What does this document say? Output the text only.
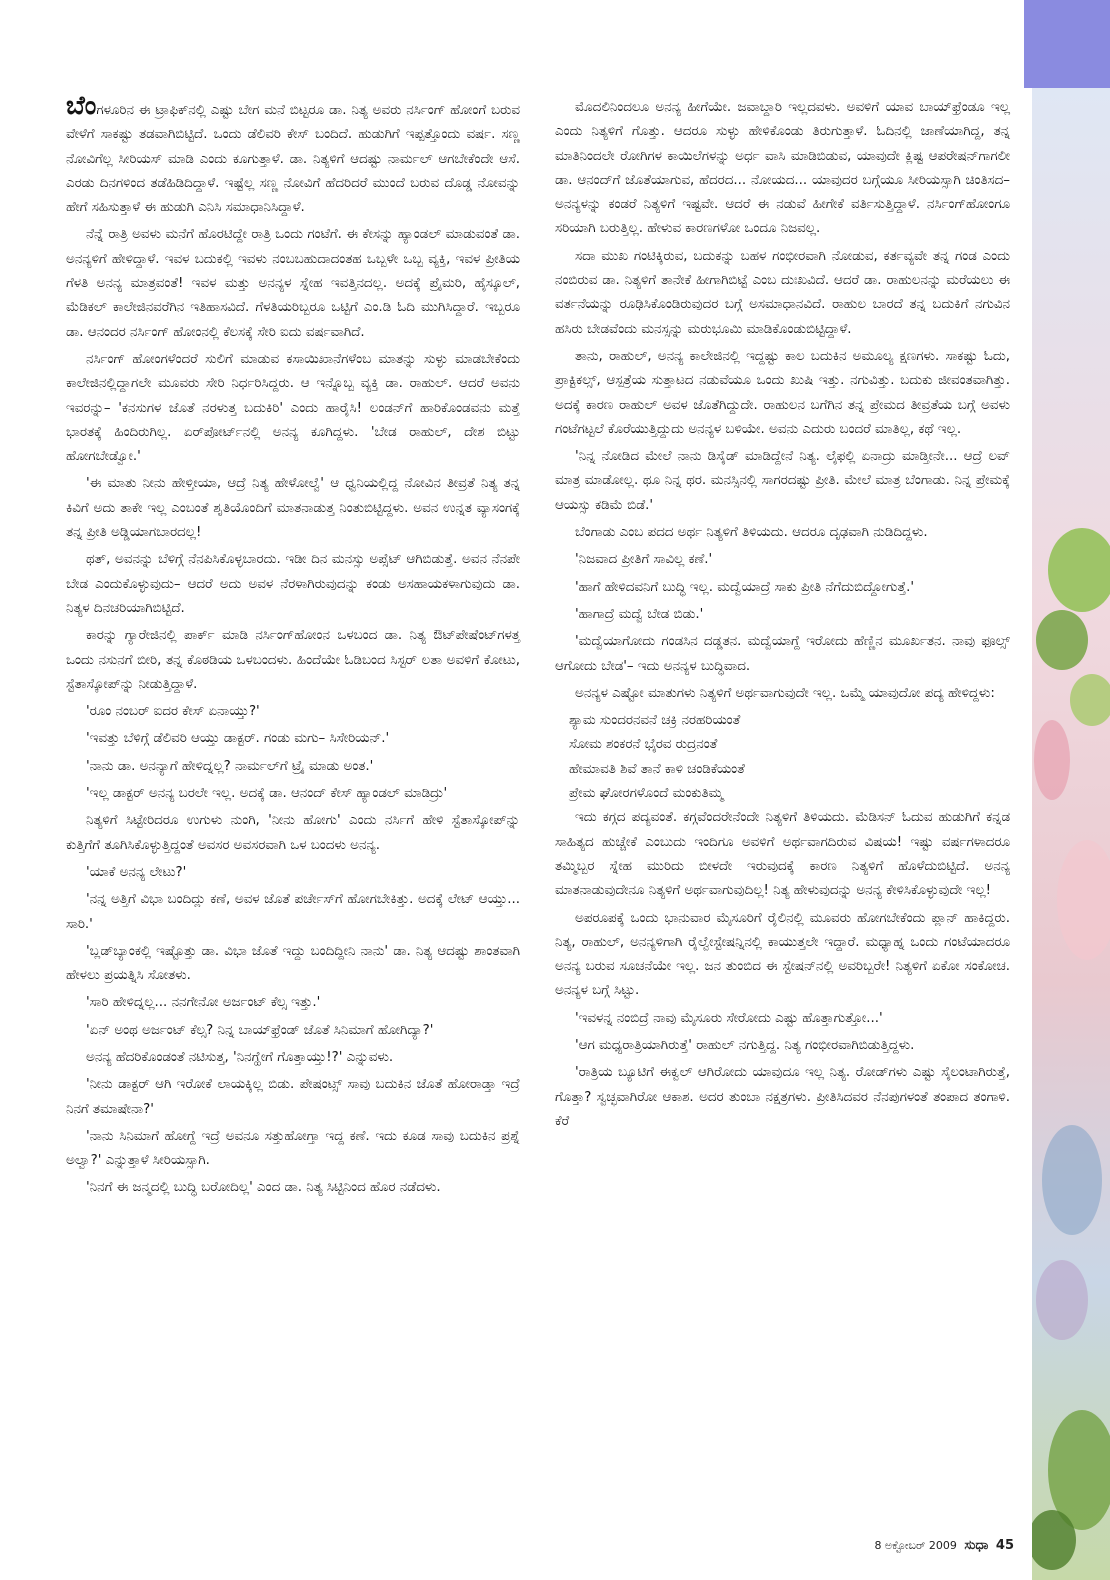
ಬೆಂಗಳೂರಿನ ಈ ಟ್ರಾಫಿಕ್‌ನಲ್ಲಿ ಎಷ್ಟು ಬೇಗ ಮನೆ ಬಿಟ್ಟರೂ ಡಾ. ನಿತ್ಯ ಅವರು ನರ್ಸಿಂಗ್ ಹೋಂಗೆ ಬರುವ ವೇಳೆಗೆ ಸಾಕಷ್ಟು ತಡವಾಗಿಬಿಟ್ಟಿದೆ. ಒಂದು ಡೆಲಿವರಿ ಕೇಸ್ ಬಂದಿದೆ. ಹುಡುಗಿಗೆ ಇಪ್ಪತ್ತೊಂದು ವರ್ಷ. ಸಣ್ಣ ನೋವಿಗೆಲ್ಲ ಸೀರಿಯಸ್ ಮಾಡಿ ಎಂದು ಕೂಗುತ್ತಾಳೆ. ಡಾ. ನಿತ್ಯಳಿಗೆ ಆದಷ್ಟು ನಾರ್ಮಲ್ ಆಗಬೇಕೆಂದೇ ಆಸೆ. ಎರಡು ದಿನಗಳಿಂದ ತಡೆಹಿಡಿದಿದ್ದಾಳೆ. ಇಷ್ಟೆಲ್ಲ ಸಣ್ಣ ನೋವಿಗೆ ಹೆದರಿದರೆ ಮುಂದೆ ಬರುವ ದೊಡ್ಡ ನೋವನ್ನು ಹೇಗೆ ಸಹಿಸುತ್ತಾಳೆ ಈ ಹುಡುಗಿ ಎನಿಸಿ ಸಮಾಧಾನಿಸಿದ್ದಾಳೆ.

ನೆನ್ನೆ ರಾತ್ರಿ ಅವಳು ಮನೆಗೆ ಹೊರಟಿದ್ದೇ ರಾತ್ರಿ ಒಂದು ಗಂಟೆಗೆ. ಈ ಕೇಸನ್ನು ಹ್ಯಾಂಡಲ್ ಮಾಡುವಂತೆ ಡಾ. ಅನನ್ಯಳಿಗೆ ಹೇಳಿದ್ದಾಳೆ. ಇವಳ ಬದುಕಲ್ಲಿ ಇವಳು ನಂಬಬಹುದಾದಂತಹ ಒಬ್ಬಳೇ ಒಬ್ಬ ವ್ಯಕ್ತಿ, ಇವಳ ಪ್ರೀತಿಯ ಗೆಳತಿ ಅನನ್ಯ ಮಾತ್ರವಂತೆ! ಇವಳ ಮತ್ತು ಅನನ್ಯಳ ಸ್ನೇಹ ಇವತ್ತಿನದಲ್ಲ. ಅದಕ್ಕೆ ಪ್ರೈಮರಿ, ಹೈಸ್ಕೂಲ್, ಮೆಡಿಕಲ್ ಕಾಲೇಜಿನವರೆಗಿನ ಇತಿಹಾಸವಿದೆ. ಗೆಳತಿಯರಿಬ್ಬರೂ ಒಟ್ಟಿಗೆ ಎಂ.ಡಿ ಓದಿ ಮುಗಿಸಿದ್ದಾರೆ. ಇಬ್ಬರೂ ಡಾ. ಆನಂದರ ನರ್ಸಿಂಗ್ ಹೋಂನಲ್ಲಿ ಕೆಲಸಕ್ಕೆ ಸೇರಿ ಐದು ವರ್ಷವಾಗಿದೆ.

ನರ್ಸಿಂಗ್ ಹೋಂಗಳೆಂದರೆ ಸುಲಿಗೆ ಮಾಡುವ ಕಸಾಯಿಖಾನೆಗಳೆಂಬ ಮಾತನ್ನು ಸುಳ್ಳು ಮಾಡಬೇಕೆಂದು ಕಾಲೇಜಿನಲ್ಲಿದ್ದಾಗಲೇ ಮೂವರು ಸೇರಿ ನಿರ್ಧರಿಸಿದ್ದರು. ಆ ಇನ್ನೊಬ್ಬ ವ್ಯಕ್ತಿ ಡಾ. ರಾಹುಲ್. ಆದರೆ ಅವನು ಇವರನ್ನು– 'ಕನಸುಗಳ ಜೊತೆ ನರಳುತ್ತ ಬದುಕಿರಿ' ಎಂದು ಹಾರೈಸಿ! ಲಂಡನ್‌ಗೆ ಹಾರಿಕೊಂಡವನು ಮತ್ತೆ ಭಾರತಕ್ಕೆ ಹಿಂದಿರುಗಿಲ್ಲ. ಏರ್‌ಪೋರ್ಟ್‌ನಲ್ಲಿ ಅನನ್ಯ ಕೂಗಿದ್ದಳು. 'ಬೇಡ ರಾಹುಲ್, ದೇಶ ಬಿಟ್ಟು ಹೋಗಬೇಡ್ವೋ.'

'ಈ ಮಾತು ನೀನು ಹೇಳ್ತೀಯಾ, ಆದ್ರೆ ನಿತ್ಯ ಹೇಳೋಲ್ವೆ' ಆ ಧ್ವನಿಯಲ್ಲಿದ್ದ ನೋವಿನ ತೀವ್ರತೆ ನಿತ್ಯ ತನ್ನ ಕಿವಿಗೆ ಅದು ತಾಕೇ ಇಲ್ಲ ಎಂಬಂತೆ ಶೃತಿಯೊಂದಿಗೆ ಮಾತನಾಡುತ್ತ ನಿಂತುಬಿಟ್ಟಿದ್ದಳು. ಅವನ ಉನ್ನತ ವ್ಯಾಸಂಗಕ್ಕೆ ತನ್ನ ಪ್ರೀತಿ ಅಡ್ಡಿಯಾಗಬಾರದಲ್ಲ!

ಥತ್, ಅವನನ್ನು ಬೆಳಿಗ್ಗೆ ನೆನಪಿಸಿಕೊಳ್ಳಬಾರದು. ಇಡೀ ದಿನ ಮನಸ್ಸು ಅಪ್ಸೆಟ್ ಆಗಿಬಿಡುತ್ತೆ. ಅವನ ನೆನಪೇ ಬೇಡ ಎಂದುಕೊಳ್ಳುವುದು– ಆದರೆ ಅದು ಅವಳ ನೆರಳಾಗಿರುವುದನ್ನು ಕಂಡು ಅಸಹಾಯಕಳಾಗುವುದು ಡಾ. ನಿತ್ಯಳ ದಿನಚರಿಯಾಗಿಬಿಟ್ಟಿದೆ.

ಕಾರನ್ನು ಗ್ಯಾರೇಜಿನಲ್ಲಿ ಪಾರ್ಕ್ ಮಾಡಿ ನರ್ಸಿಂಗ್‌ಹೋಂನ ಒಳಬಂದ ಡಾ. ನಿತ್ಯ ಔಟ್‌ಪೇಷೆಂಟ್‌ಗಳತ್ತ ಒಂದು ನಸುನಗೆ ಬೀರಿ, ತನ್ನ ಕೊಠಡಿಯ ಒಳಬಂದಳು. ಹಿಂದೆಯೇ ಓಡಿಬಂದ ಸಿಸ್ಟರ್ ಲತಾ ಅವಳಿಗೆ ಕೋಟು, ಸ್ಟೆತಾಸ್ಕೋಪ್‌ನ್ನು ನೀಡುತ್ತಿದ್ದಾಳೆ.

'ರೂಂ ನಂಬರ್ ಐದರ ಕೇಸ್ ಏನಾಯ್ತು?'

'ಇವತ್ತು ಬೆಳಿಗ್ಗೆ ಡೆಲಿವರಿ ಆಯ್ತು ಡಾಕ್ಟರ್. ಗಂಡು ಮಗು– ಸಿಸೇರಿಯನ್.'

'ನಾನು ಡಾ. ಅನನ್ಯಾಗೆ ಹೇಳಿದ್ನಲ್ಲ? ನಾರ್ಮಲ್‌ಗೆ ಟ್ರೈ ಮಾಡು ಅಂತ.'

'ಇಲ್ಲ ಡಾಕ್ಟರ್ ಅನನ್ಯ ಬರಲೇ ಇಲ್ಲ. ಅದಕ್ಕೆ ಡಾ. ಆನಂದ್ ಕೇಸ್ ಹ್ಯಾಂಡಲ್ ಮಾಡಿದ್ರು'

ನಿತ್ಯಳಿಗೆ ಸಿಟ್ಟೇರಿದರೂ ಉಗುಳು ನುಂಗಿ, 'ನೀನು ಹೋಗು' ಎಂದು ನರ್ಸಿಗೆ ಹೇಳಿ ಸ್ಟೆತಾಸ್ಕೋಪ್‌ನ್ನು ಕುತ್ತಿಗೆಗೆ ತೂಗಿಸಿಕೊಳ್ಳುತ್ತಿದ್ದಂತೆ ಅವಸರ ಅವಸರವಾಗಿ ಒಳ ಬಂದಳು ಅನನ್ಯ.

'ಯಾಕೆ ಅನನ್ಯ ಲೇಟು?'

'ನನ್ನ ಅತ್ತಿಗೆ ವಿಭಾ ಬಂದಿದ್ಲು ಕಣೆ, ಅವಳ ಜೊತೆ ಪರ್ಚೇಸ್‌ಗೆ ಹೋಗಬೇಕಿತ್ತು. ಅದಕ್ಕೆ ಲೇಟ್ ಆಯ್ತು... ಸಾರಿ.'

'ಬ್ಲಡ್‌ಬ್ಯಾಂಕಲ್ಲಿ ಇಷ್ಟೊತ್ತು ಡಾ. ವಿಭಾ ಜೊತೆ ಇದ್ದು ಬಂದಿದ್ದೀನಿ ನಾನು' ಡಾ. ನಿತ್ಯ ಆದಷ್ಟು ಶಾಂತವಾಗಿ ಹೇಳಲು ಪ್ರಯತ್ನಿಸಿ ಸೋತಳು.

'ಸಾರಿ ಹೇಳಿದ್ನಲ್ಲ... ನನಗೇನೋ ಅರ್ಜಂಟ್ ಕೆಲ್ಸ ಇತ್ತು.'

'ಏನ್ ಅಂಥ ಅರ್ಜಂಟ್ ಕೆಲ್ಸ? ನಿನ್ನ ಬಾಯ್‌ಫ್ರೆಂಡ್ ಜೊತೆ ಸಿನಿಮಾಗೆ ಹೋಗಿದ್ಯಾ?'

ಅನನ್ಯ ಹೆದರಿಕೊಂಡಂತೆ ನಟಿಸುತ್ತ, 'ನಿನಗ್ಹೇಗೆ ಗೊತ್ತಾಯ್ತು!?' ಎನ್ನುವಳು.

'ನೀನು ಡಾಕ್ಟರ್ ಆಗಿ ಇರೋಕೆ ಲಾಯಕ್ಕಿಲ್ಲ ಬಿಡು. ಪೇಷಂಟ್ಸ್ ಸಾವು ಬದುಕಿನ ಜೊತೆ ಹೋರಾಡ್ತಾ ಇದ್ರೆ ನಿನಗೆ ತಮಾಷೇನಾ?'

'ನಾನು ಸಿನಿಮಾಗೆ ಹೋಗ್ದೆ ಇದ್ರೆ ಅವನೂ ಸತ್ತುಹೋಗ್ತಾ ಇದ್ದ ಕಣೆ. ಇದು ಕೂಡ ಸಾವು ಬದುಕಿನ ಪ್ರಶ್ನೆ ಅಲ್ವಾ?' ಎನ್ನುತ್ತಾಳೆ ಸೀರಿಯಸ್ಸಾಗಿ.

'ನಿನಗೆ ಈ ಜನ್ಮದಲ್ಲಿ ಬುದ್ಧಿ ಬರೋದಿಲ್ಲ' ಎಂದ ಡಾ. ನಿತ್ಯ ಸಿಟ್ಟಿನಿಂದ ಹೊರ ನಡೆದಳು.

ಮೊದಲಿನಿಂದಲೂ ಅನನ್ಯ ಹೀಗೆಯೇ. ಜವಾಬ್ದಾರಿ ಇಲ್ಲದವಳು. ಅವಳಿಗೆ ಯಾವ ಬಾಯ್‌ಫ್ರೆಂಡೂ ಇಲ್ಲ ಎಂದು ನಿತ್ಯಳಿಗೆ ಗೊತ್ತು. ಆದರೂ ಸುಳ್ಳು ಹೇಳಿಕೊಂಡು ತಿರುಗುತ್ತಾಳೆ. ಓದಿನಲ್ಲಿ ಜಾಣೆಯಾಗಿದ್ದ, ತನ್ನ ಮಾತಿನಿಂದಲೇ ರೋಗಿಗಳ ಕಾಯಿಲೆಗಳನ್ನು ಅರ್ಧ ವಾಸಿ ಮಾಡಿಬಿಡುವ, ಯಾವುದೇ ಕ್ಲಿಷ್ಟ ಆಪರೇಷನ್‌ಗಾಗಲೀ ಡಾ. ಆನಂದ್‌ಗೆ ಜೊತೆಯಾಗುವ, ಹೆದರದ... ನೋಯದ... ಯಾವುದರ ಬಗ್ಗೆಯೂ ಸೀರಿಯಸ್ಸಾಗಿ ಚಿಂತಿಸದ– ಅನನ್ಯಳನ್ನು ಕಂಡರೆ ನಿತ್ಯಳಿಗೆ ಇಷ್ಟವೇ. ಆದರೆ ಈ ನಡುವೆ ಹೀಗೇಕೆ ವರ್ತಿಸುತ್ತಿದ್ದಾಳೆ. ನರ್ಸಿಂಗ್‌ಹೋಂಗೂ ಸರಿಯಾಗಿ ಬರುತ್ತಿಲ್ಲ. ಹೇಳುವ ಕಾರಣಗಳೋ ಒಂದೂ ನಿಜವಲ್ಲ.

ಸದಾ ಮುಖ ಗಂಟಿಕ್ಕಿರುವ, ಬದುಕನ್ನು ಬಹಳ ಗಂಭೀರವಾಗಿ ನೋಡುವ, ಕರ್ತವ್ಯವೇ ತನ್ನ ಗಂಡ ಎಂದು ನಂಬಿರುವ ಡಾ. ನಿತ್ಯಳಿಗೆ ತಾನೇಕೆ ಹೀಗಾಗಿಬಿಟ್ಟೆ ಎಂಬ ದುಃಖವಿದೆ. ಆದರೆ ಡಾ. ರಾಹುಲನನ್ನು ಮರೆಯಲು ಈ ವರ್ತನೆಯನ್ನು ರೂಢಿಸಿಕೊಂಡಿರುವುದರ ಬಗ್ಗೆ ಅಸಮಾಧಾನವಿದೆ. ರಾಹುಲ ಬಾರದೆ ತನ್ನ ಬದುಕಿಗೆ ನಗುವಿನ ಹಸಿರು ಬೇಡವೆಂದು ಮನಸ್ಸನ್ನು ಮರುಭೂಮಿ ಮಾಡಿಕೊಂಡುಬಿಟ್ಟಿದ್ದಾಳೆ.

ತಾನು, ರಾಹುಲ್, ಅನನ್ಯ ಕಾಲೇಜಿನಲ್ಲಿ ಇದ್ದಷ್ಟು ಕಾಲ ಬದುಕಿನ ಅಮೂಲ್ಯ ಕ್ಷಣಗಳು. ಸಾಕಷ್ಟು ಓದು, ಪ್ರಾಕ್ಟಿಕಲ್ಸ್, ಆಸ್ಪತ್ರೆಯ ಸುತ್ತಾಟದ ನಡುವೆಯೂ ಒಂದು ಖುಷಿ ಇತ್ತು. ನಗುವಿತ್ತು. ಬದುಕು ಜೀವಂತವಾಗಿತ್ತು. ಅದಕ್ಕೆ ಕಾರಣ ರಾಹುಲ್ ಅವಳ ಜೊತೆಗಿದ್ದುದೇ. ರಾಹುಲನ ಬಗೆಗಿನ ತನ್ನ ಪ್ರೇಮದ ತೀವ್ರತೆಯ ಬಗ್ಗೆ ಅವಳು ಗಂಟೆಗಟ್ಟಲೆ ಕೊರೆಯುತ್ತಿದ್ದುದು ಅನನ್ಯಳ ಬಳಿಯೇ. ಅವನು ಎದುರು ಬಂದರೆ ಮಾತಿಲ್ಲ, ಕಥೆ ಇಲ್ಲ.

'ನಿನ್ನ ನೋಡಿದ ಮೇಲೆ ನಾನು ಡಿಸೈಡ್ ಮಾಡಿದ್ದೇನೆ ನಿತ್ಯ. ಲೈಫಲ್ಲಿ ಏನಾದ್ರು ಮಾಡ್ತೀನೇ... ಆದ್ರೆ ಲವ್ ಮಾತ್ರ ಮಾಡೋಲ್ಲ. ಥೂ ನಿನ್ನ ಥರ. ಮನಸ್ಸಿನಲ್ಲಿ ಸಾಗರದಷ್ಟು ಪ್ರೀತಿ. ಮೇಲೆ ಮಾತ್ರ ಬೆಂಗಾಡು. ನಿನ್ನ ಪ್ರೇಮಕ್ಕೆ ಆಯಸ್ಸು ಕಡಿಮೆ ಬಿಡೆ.'

ಬೆಂಗಾಡು ಎಂಬ ಪದದ ಅರ್ಥ ನಿತ್ಯಳಿಗೆ ತಿಳಿಯದು. ಆದರೂ ದೃಢವಾಗಿ ನುಡಿದಿದ್ದಳು.

'ನಿಜವಾದ ಪ್ರೀತಿಗೆ ಸಾವಿಲ್ಲ ಕಣೆ.'

'ಹಾಗೆ ಹೇಳಿದವನಿಗೆ ಬುದ್ಧಿ ಇಲ್ಲ. ಮದ್ವೆಯಾದ್ರೆ ಸಾಕು ಪ್ರೀತಿ ನೆಗೆದುಬಿದ್ದೋಗುತ್ತೆ.'

'ಹಾಗಾದ್ರೆ ಮದ್ವೆ ಬೇಡ ಬಿಡು.'

'ಮದ್ವೆಯಾಗೋದು ಗಂಡಸಿನ ದಡ್ಡತನ. ಮದ್ವೆಯಾಗ್ದೆ ಇರೋದು ಹೆಣ್ಣಿನ ಮೂರ್ಖತನ. ನಾವು ಫೂಲ್ಸ್ ಆಗೋದು ಬೇಡ'– ಇದು ಅನನ್ಯಳ ಬುದ್ಧಿವಾದ.

ಅನನ್ಯಳ ಎಷ್ಟೋ ಮಾತುಗಳು ನಿತ್ಯಳಿಗೆ ಅರ್ಥವಾಗುವುದೇ ಇಲ್ಲ. ಒಮ್ಮೆ ಯಾವುದೋ ಪದ್ಯ ಹೇಳಿದ್ದಳು:

ಶ್ಯಾಮ ಸುಂದರನವನೆ ಚಕ್ರಿ ನರಹರಿಯಂತೆ

ಸೋಮ ಶಂಕರನೆ ಭೈರವ ರುದ್ರನಂತೆ

ಹೇಮಾವತಿ ಶಿವೆ ತಾನೆ ಕಾಳಿ ಚಂಡಿಕೆಯಂತೆ

ಪ್ರೇಮ ಘೋರಗಳೊಂದೆ ಮಂಕುತಿಮ್ಮ

ಇದು ಕಗ್ಗದ ಪದ್ಯವಂತೆ. ಕಗ್ಗವೆಂದರೇನೆಂದೇ ನಿತ್ಯಳಿಗೆ ತಿಳಿಯದು. ಮೆಡಿಸನ್ ಓದುವ ಹುಡುಗಿಗೆ ಕನ್ನಡ ಸಾಹಿತ್ಯದ ಹುಚ್ಚೇಕೆ ಎಂಬುದು ಇಂದಿಗೂ ಅವಳಿಗೆ ಅರ್ಥವಾಗದಿರುವ ವಿಷಯ! ಇಷ್ಟು ವರ್ಷಗಳಾದರೂ ತಮ್ಮಿಬ್ಬರ ಸ್ನೇಹ ಮುರಿದು ಬೀಳದೇ ಇರುವುದಕ್ಕೆ ಕಾರಣ ನಿತ್ಯಳಿಗೆ ಹೊಳೆದುಬಿಟ್ಟಿದೆ. ಅನನ್ಯ ಮಾತನಾಡುವುದೇನೂ ನಿತ್ಯಳಿಗೆ ಅರ್ಥವಾಗುವುದಿಲ್ಲ! ನಿತ್ಯ ಹೇಳುವುದನ್ನು ಅನನ್ಯ ಕೇಳಿಸಿಕೊಳ್ಳುವುದೇ ಇಲ್ಲ!

ಅಪರೂಪಕ್ಕೆ ಒಂದು ಭಾನುವಾರ ಮೈಸೂರಿಗೆ ರೈಲಿನಲ್ಲಿ ಮೂವರು ಹೋಗಬೇಕೆಂದು ಪ್ಲಾನ್ ಹಾಕಿದ್ದರು. ನಿತ್ಯ, ರಾಹುಲ್, ಅನನ್ಯಳಿಗಾಗಿ ರೈಲ್ವೇಸ್ಟೇಷನ್ನಿನಲ್ಲಿ ಕಾಯುತ್ತಲೇ ಇದ್ದಾರೆ. ಮಧ್ಯಾಹ್ನ ಒಂದು ಗಂಟೆಯಾದರೂ ಅನನ್ಯ ಬರುವ ಸೂಚನೆಯೇ ಇಲ್ಲ. ಜನ ತುಂಬಿದ ಈ ಸ್ಟೇಷನ್‌ನಲ್ಲಿ ಅವರಿಬ್ಬರೇ! ನಿತ್ಯಳಿಗೆ ಏಕೋ ಸಂಕೋಚ. ಅನನ್ಯಳ ಬಗ್ಗೆ ಸಿಟ್ಟು.

'ಇವಳನ್ನ ನಂಬಿದ್ರೆ ನಾವು ಮೈಸೂರು ಸೇರೋದು ಎಷ್ಟು ಹೊತ್ತಾಗುತ್ತೋ...'

'ಆಗ ಮಧ್ಯರಾತ್ರಿಯಾಗಿರುತ್ತೆ' ರಾಹುಲ್ ನಗುತ್ತಿದ್ದ. ನಿತ್ಯ ಗಂಭೀರವಾಗಿಬಿಡುತ್ತಿದ್ದಳು.

'ರಾತ್ರಿಯ ಬ್ಯೂಟಿಗೆ ಈಕ್ವಲ್ ಆಗಿರೋದು ಯಾವುದೂ ಇಲ್ಲ ನಿತ್ಯ. ರೋಡ್‌ಗಳು ಎಷ್ಟು ಸೈಲಂಟಾಗಿರುತ್ತೆ, ಗೊತ್ತಾ? ಸ್ವಚ್ಛವಾಗಿರೋ ಆಕಾಶ. ಅದರ ತುಂಬಾ ನಕ್ಷತ್ರಗಳು. ಪ್ರೀತಿಸಿದವರ ನೆನಪುಗಳಂತೆ ತಂಪಾದ ತಂಗಾಳಿ. ಕೆರೆ

8 ಅಕ್ಟೋಬರ್ 2009 ಸುಧಾ 45
